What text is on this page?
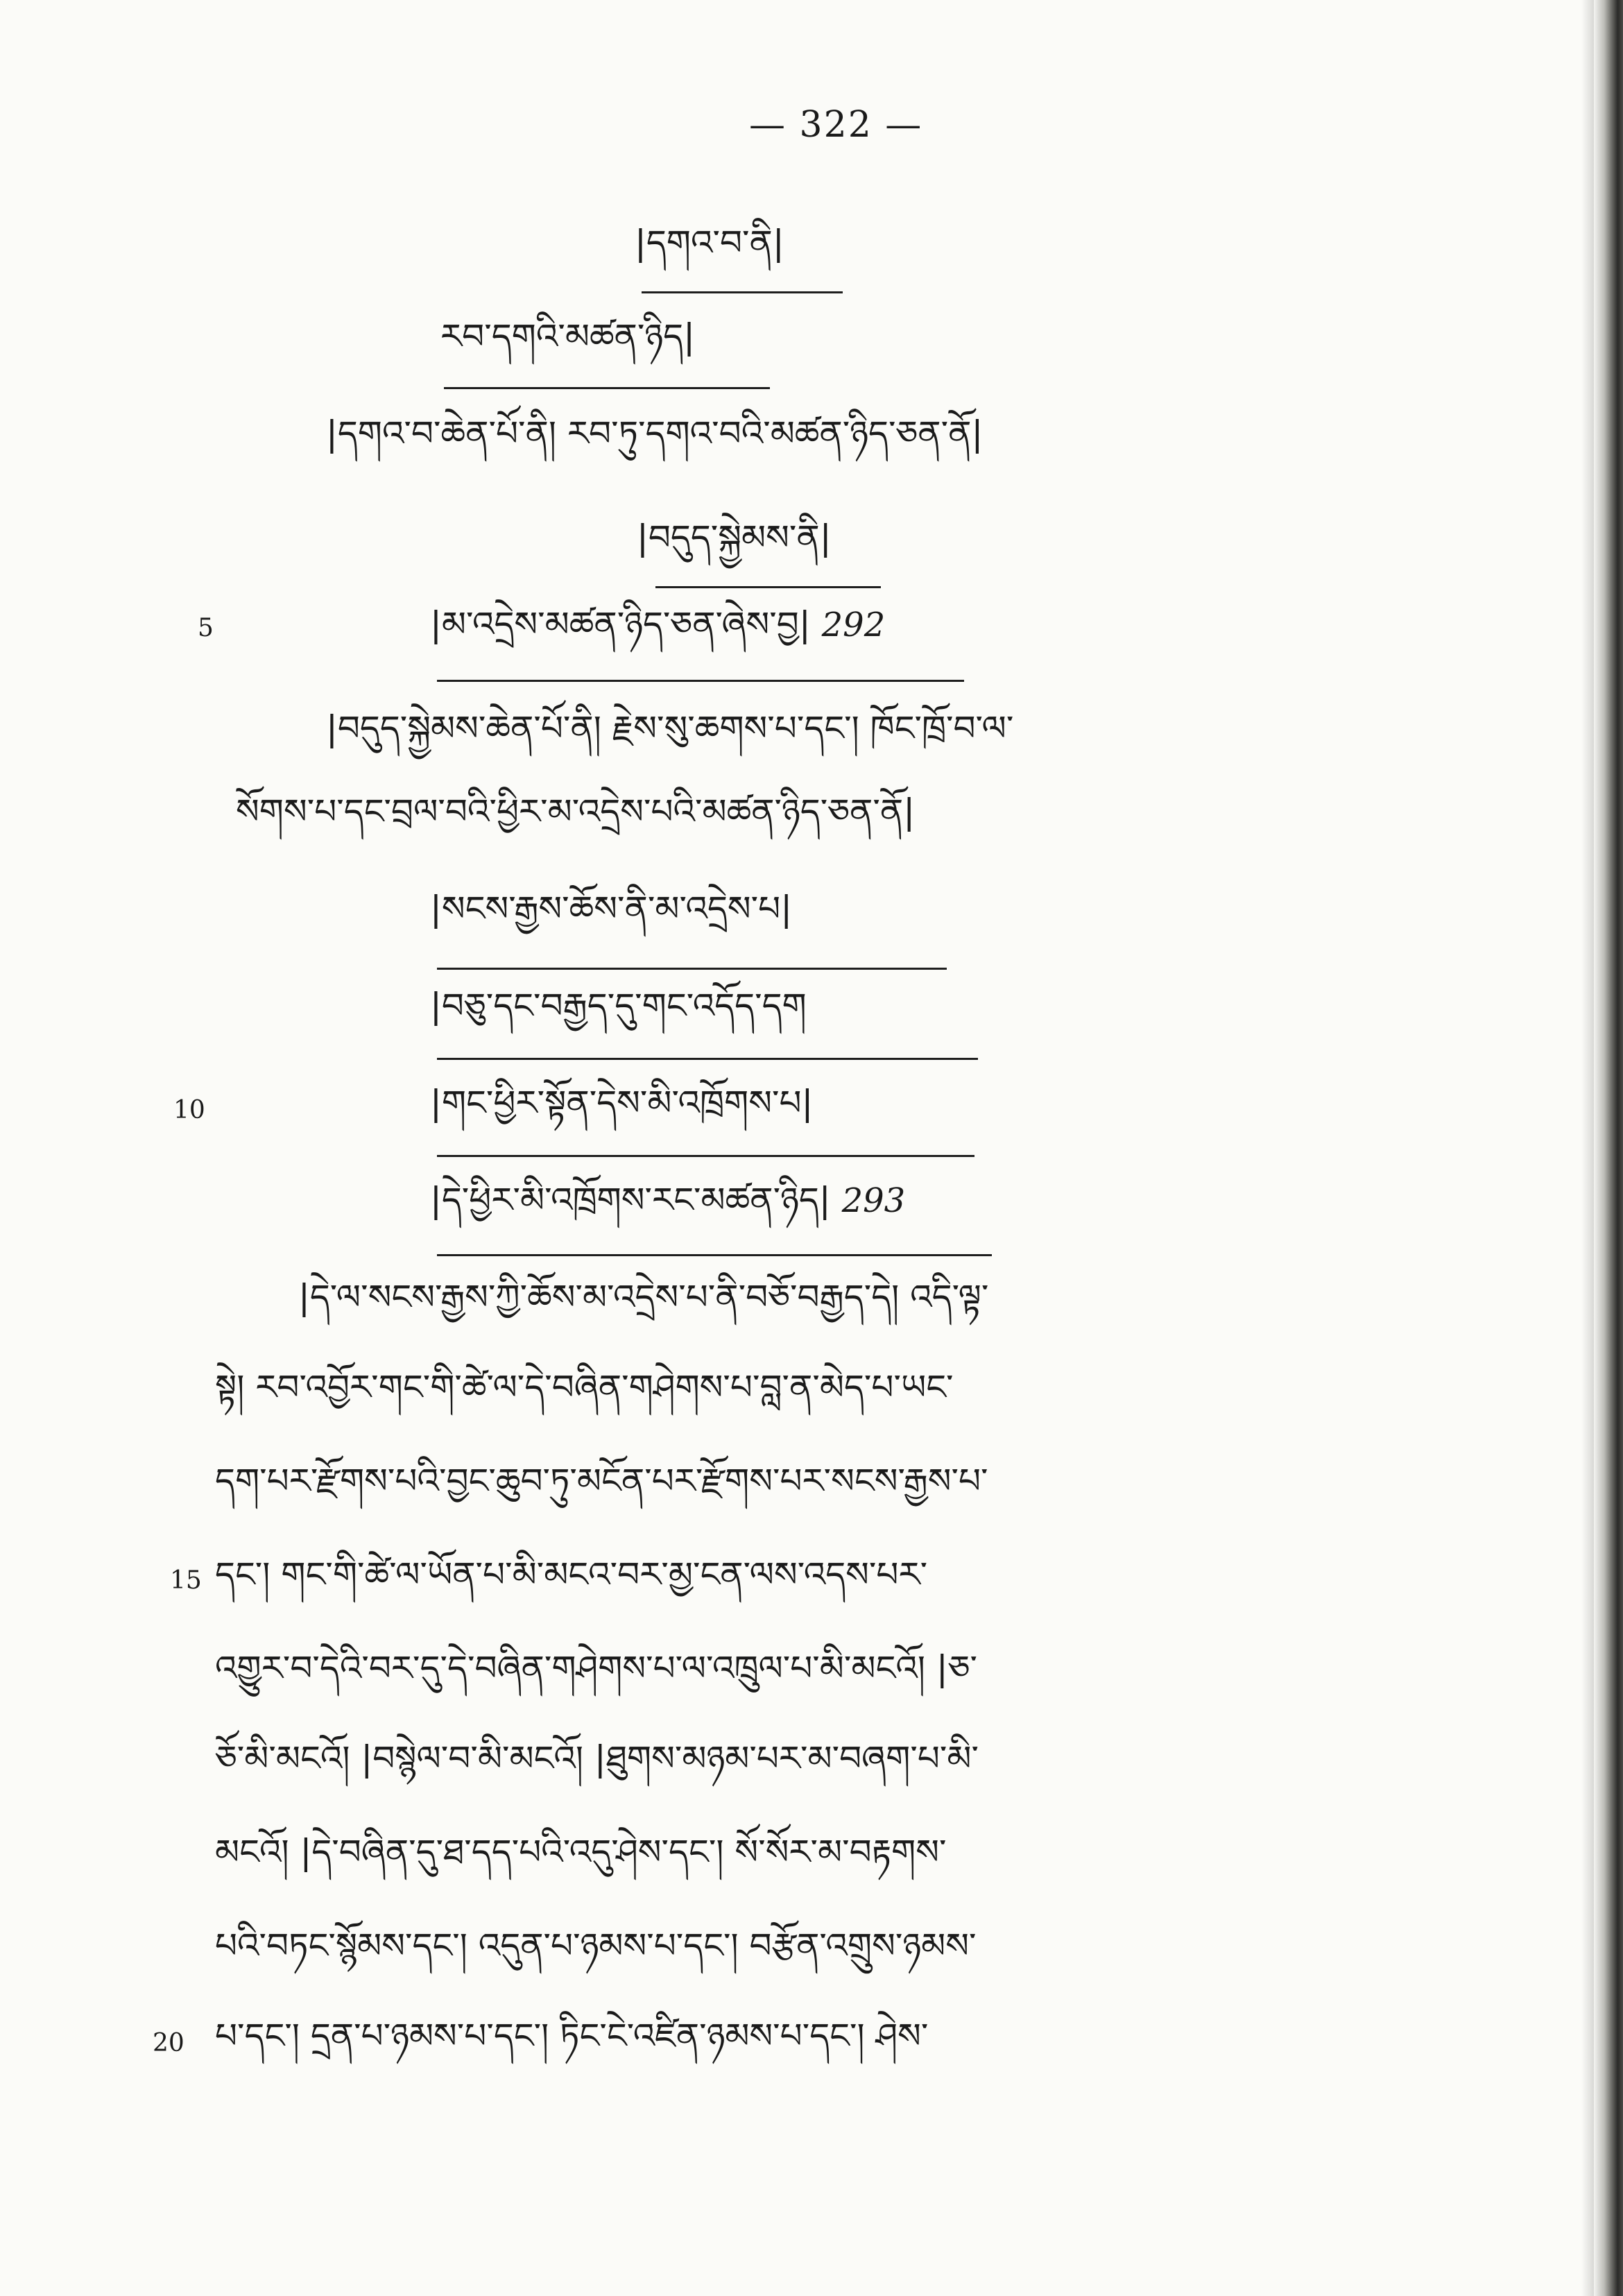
— 322 —
|དགའ་བ་ནི|
རབ་དགའི་མཚན་ཉིད|
|དགའ་བ་ཆེན་པོ་ནི། རབ་ཏུ་དགའ་བའི་མཚན་ཉིད་ཅན་ནོ|
|བདུད་སྐྱེམས་ནི|
5	|མ་འདྲེས་མཚན་ཉིད་ཅན་ཞེས་བྱ| 292
|བདུད་སྐྱེམས་ཆེན་པོ་ནི། རྗེས་སུ་ཆགས་པ་དང་། ཁོང་ཁྲོ་བ་ལ་
སོགས་པ་དང་བྲལ་བའི་ཕྱིར་མ་འདྲེས་པའི་མཚན་ཉིད་ཅན་ནོ|
|སངས་རྒྱས་ཆོས་ནི་མ་འདྲེས་པ|
|བཅུ་དང་བརྒྱད་དུ་གང་འདོད་དག
10	|གང་ཕྱིར་སྟོན་དེས་མི་འཁྲོགས་པ|
|དེ་ཕྱིར་མི་འཁྲོགས་རང་མཚན་ཉིད| 293
|དེ་ལ་སངས་རྒྱས་ཀྱི་ཆོས་མ་འདྲེས་པ་ནི་བཅོ་བརྒྱད་དེ། འདི་ལྟ་
སྟེ། རབ་འབྱོར་གང་གི་ཚེ་ལ་དེ་བཞིན་གཤེགས་པ་བླ་ན་མེད་པ་ཡང་
དག་པར་རྫོགས་པའི་བྱང་ཆུབ་ཏུ་མངོན་པར་རྫོགས་པར་སངས་རྒྱས་པ་
15 དང་། གང་གི་ཚེ་ལ་ཡོན་པ་མི་མངའ་བར་མྱ་ངན་ལས་འདས་པར་
འགྱུར་བ་དེའི་བར་དུ་དེ་བཞིན་གཤེགས་པ་ལ་འཁྲུལ་པ་མི་མངའོ། |ཅ་
ཅོ་མི་མངའོ། |བསྙེལ་བ་མི་མངའོ། |ཐུགས་མཉམ་པར་མ་བཞག་པ་མི་
མངའོ། |དེ་བཞིན་དུ་ཐ་དད་པའི་འདུ་ཤེས་དང་། སོ་སོར་མ་བརྟགས་
པའི་བཏང་སྙོམས་དང་། འདུན་པ་ཉམས་པ་དང་། བརྩོན་འགྲུས་ཉམས་
20 པ་དང་། དྲན་པ་ཉམས་པ་དང་། ཏིང་ངེ་འཛིན་ཉམས་པ་དང་། ཤེས་
